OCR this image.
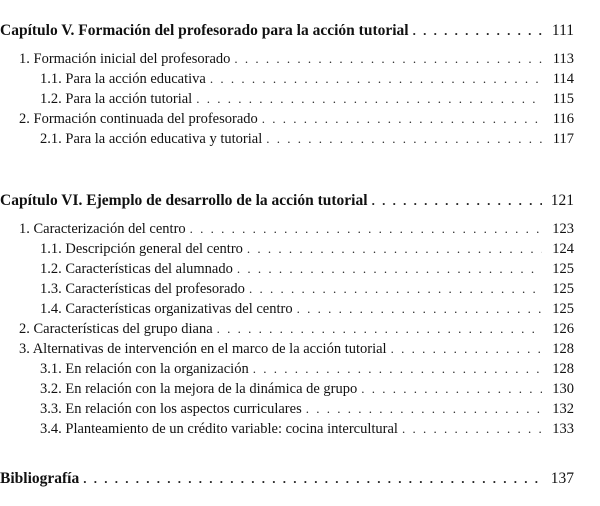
Capítulo V. Formación del profesorado para la acción tutorial . . .	111
1. Formación inicial del profesorado . . .	113
1.1. Para la acción educativa . . .	114
1.2. Para la acción tutorial . . .	115
2. Formación continuada del profesorado . . .	116
2.1. Para la acción educativa y tutorial . . .	117
Capítulo VI. Ejemplo de desarrollo de la acción tutorial . . .	121
1. Caracterización del centro . . .	123
1.1. Descripción general del centro . . .	124
1.2. Características del alumnado . . .	125
1.3. Características del profesorado . . .	125
1.4. Características organizativas del centro . . .	125
2. Características del grupo diana . . .	126
3. Alternativas de intervención en el marco de la acción tutorial . . .	128
3.1. En relación con la organización . . .	128
3.2. En relación con la mejora de la dinámica de grupo . . .	130
3.3. En relación con los aspectos curriculares . . .	132
3.4. Planteamiento de un crédito variable: cocina intercultural . . .	133
Bibliografía . . .	137
